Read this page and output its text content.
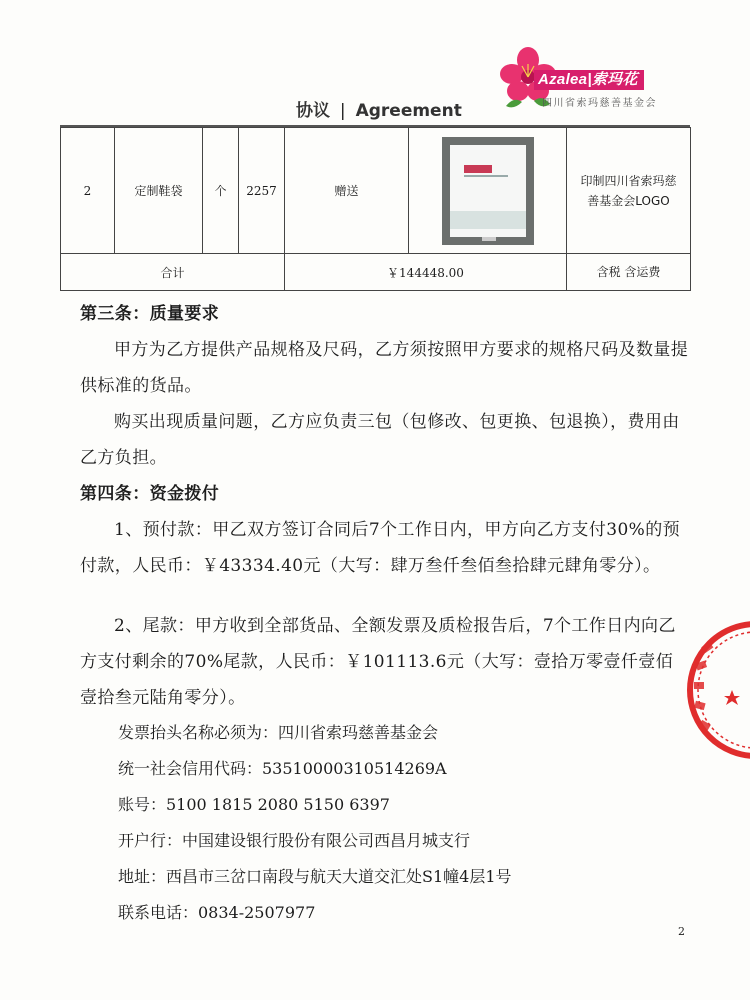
Azalea|索玛花
四川省索玛慈善基金会
协议 | Agreement
2	定制鞋袋	个	2257	赠送		印制四川省索玛慈善基金会LOGO

合计				￥144448.00		含税 含运费

第三条：质量要求

甲方为乙方提供产品规格及尺码，乙方须按照甲方要求的规格尺码及数量提供标准的货品。

购买出现质量问题，乙方应负责三包（包修改、包更换、包退换），费用由乙方负担。

第四条：资金拨付

1、预付款：甲乙双方签订合同后7个工作日内，甲方向乙方支付30%的预付款，人民币：￥43334.40元（大写：肆万叁仟叁佰叁拾肆元肆角零分）。

2、尾款：甲方收到全部货品、全额发票及质检报告后，7个工作日内向乙方支付剩余的70%尾款，人民币：￥101113.6元（大写：壹拾万零壹仟壹佰壹拾叁元陆角零分）。

发票抬头名称必须为：四川省索玛慈善基金会

统一社会信用代码：53510000310514269A

账号：5100 1815 2080 5150 6397

开户行：中国建设银行股份有限公司西昌月城支行

地址：西昌市三岔口南段与航天大道交汇处S1幢4层1号

联系电话：0834-2507977

2
